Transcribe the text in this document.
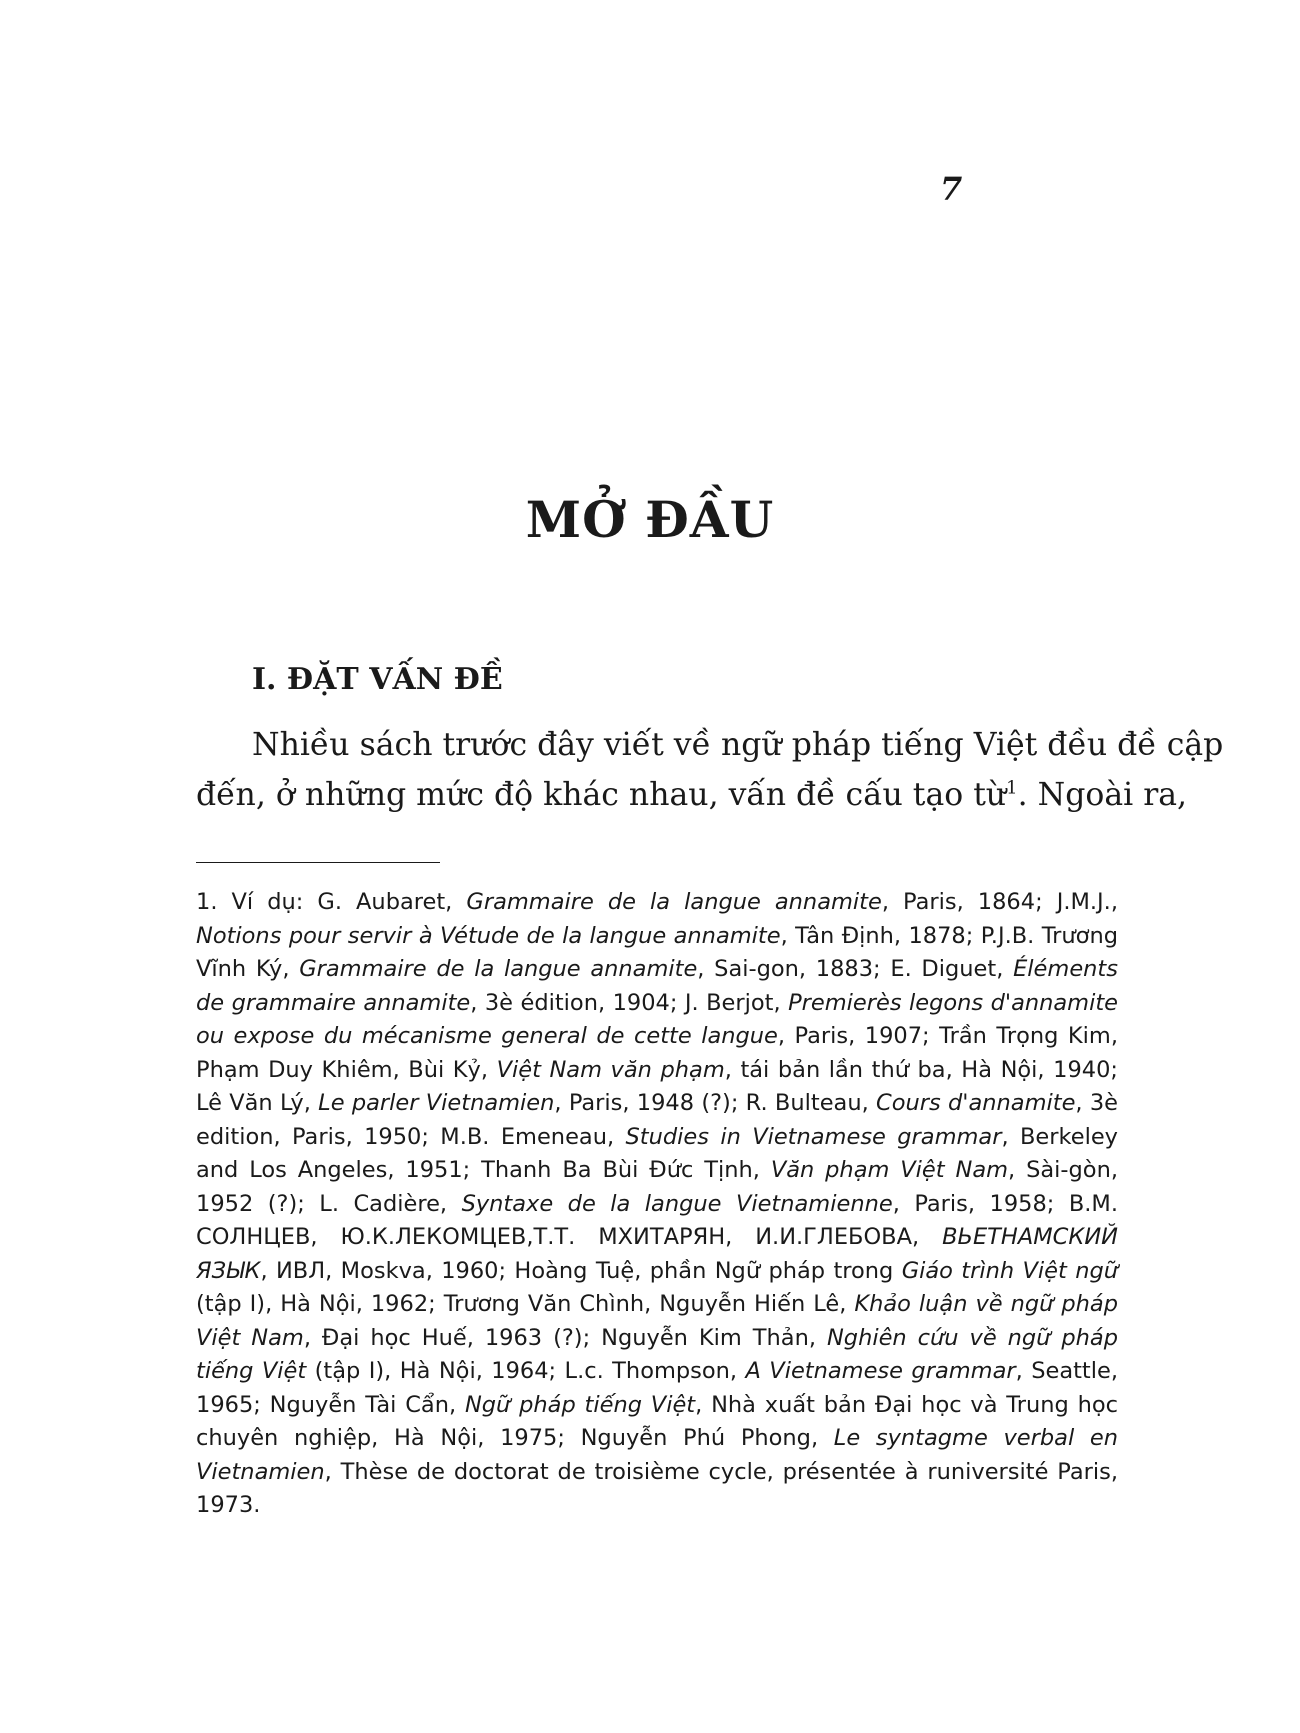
7
MỞ ĐẦU
I. ĐẶT VẤN ĐỀ
Nhiều sách trước đây viết về ngữ pháp tiếng Việt đều đề cập
đến, ở những mức độ khác nhau, vấn đề cấu tạo từ$^1$. Ngoài ra,

1. Ví dụ: G. Aubaret, Grammaire de la langue annamite, Paris, 1864; J.M.J., Notions pour servir à Vétude de la langue annamite, Tân Định, 1878; P.J.B. Trương Vĩnh Ký, Grammaire de la langue annamite, Sai-gon, 1883; E. Diguet, Éléments de grammaire annamite, 3è édition, 1904; J. Berjot, Premierès legons d'annamite ou expose du mécanisme general de cette langue, Paris, 1907; Trần Trọng Kim, Phạm Duy Khiêm, Bùi Kỷ, Việt Nam văn phạm, tái bản lần thứ ba, Hà Nội, 1940; Lê Văn Lý, Le parler Vietnamien, Paris, 1948 (?); R. Bulteau, Cours d'annamite, 3è edition, Paris, 1950; M.B. Emeneau, Studies in Vietnamese grammar, Berkeley and Los Angeles, 1951; Thanh Ba Bùi Đức Tịnh, Văn phạm Việt Nam, Sài-gòn, 1952 (?); L. Cadière, Syntaxe de la langue Vietnamienne, Paris, 1958; B.M. СОЛНЦЕВ, Ю.К.ЛЕКОМЦЕВ,Т.Т. МХИТАРЯН, И.И.ГЛЕБОВА, ВЬЕТНАМСКИЙ ЯЗЫК, ИВЛ, Moskva, 1960; Hoàng Tuệ, phần Ngữ pháp trong Giáo trình Việt ngữ (tập I), Hà Nội, 1962; Trương Văn Chình, Nguyễn Hiến Lê, Khảo luận về ngữ pháp Việt Nam, Đại học Huế, 1963 (?); Nguyễn Kim Thản, Nghiên cứu về ngữ pháp tiếng Việt (tập I), Hà Nội, 1964; L.c. Thompson, A Vietnamese grammar, Seattle, 1965; Nguyễn Tài Cẩn, Ngữ pháp tiếng Việt, Nhà xuất bản Đại học và Trung học chuyên nghiệp, Hà Nội, 1975; Nguyễn Phú Phong, Le syntagme verbal en Vietnamien, Thèse de doctorat de troisième cycle, présentée à runiversité Paris, 1973.
